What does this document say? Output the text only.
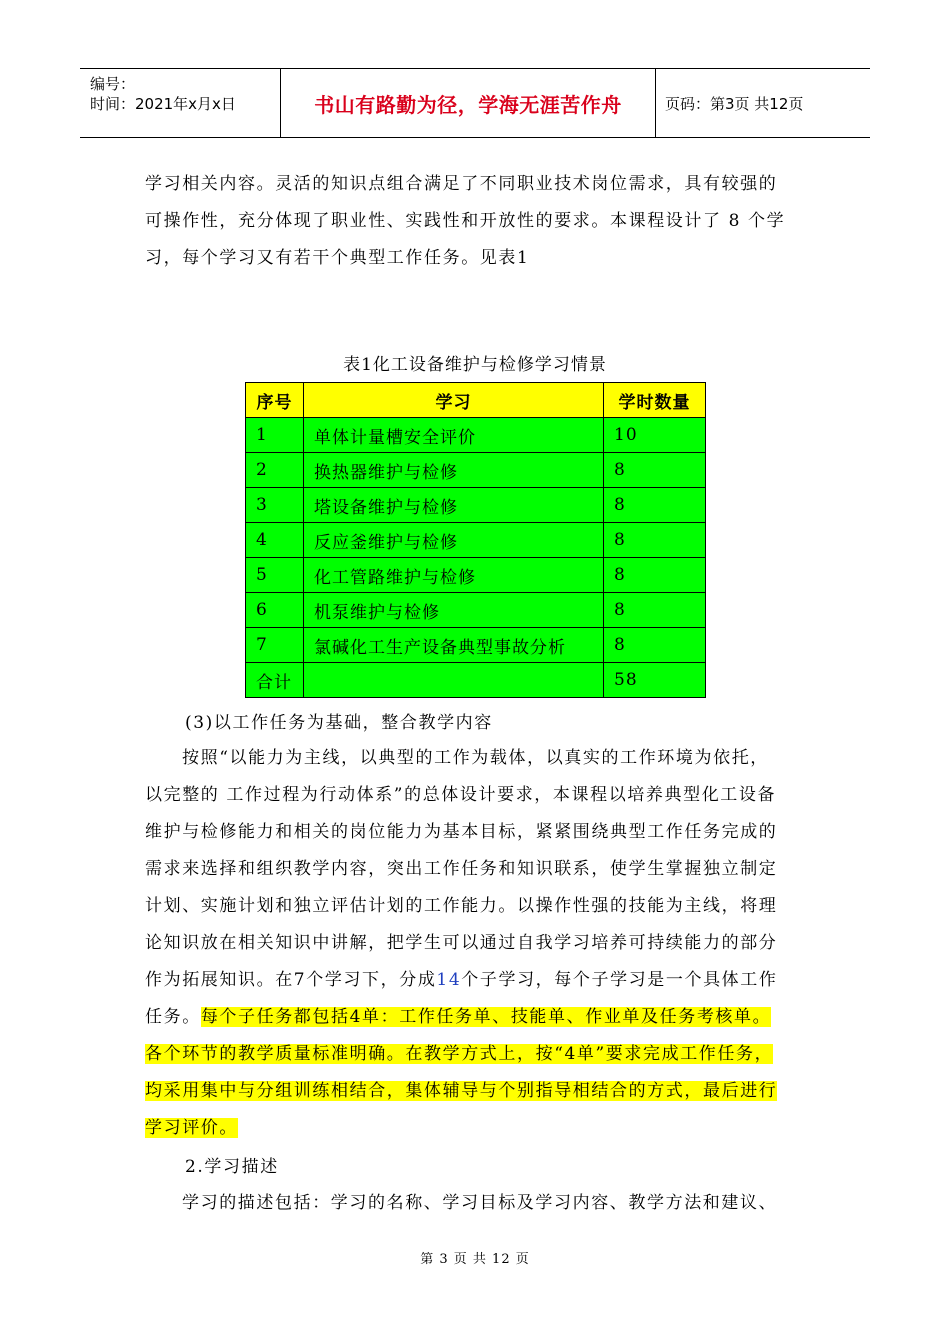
编号：
时间：2021年x月x日	书山有路勤为径，学海无涯苦作舟	页码：第3页 共12页
学习相关内容。灵活的知识点组合满足了不同职业技术岗位需求，具有较强的
可操作性，充分体现了职业性、实践性和开放性的要求。本课程设计了 8 个学
习，每个学习又有若干个典型工作任务。见表1
表1化工设备维护与检修学习情景
序号	学习	学时数量
1	单体计量槽安全评价	10
2	换热器维护与检修	8
3	塔设备维护与检修	8
4	反应釜维护与检修	8
5	化工管路维护与检修	8
6	机泵维护与检修	8
7	氯碱化工生产设备典型事故分析	8
合计		58
(3)以工作任务为基础，整合教学内容
按照“以能力为主线，以典型的工作为载体，以真实的工作环境为依托，
以完整的 工作过程为行动体系”的总体设计要求，本课程以培养典型化工设备
维护与检修能力和相关的岗位能力为基本目标，紧紧围绕典型工作任务完成的
需求来选择和组织教学内容，突出工作任务和知识联系，使学生掌握独立制定
计划、实施计划和独立评估计划的工作能力。以操作性强的技能为主线，将理
论知识放在相关知识中讲解，把学生可以通过自我学习培养可持续能力的部分
作为拓展知识。在7个学习下，分成14个子学习，每个子学习是一个具体工作
任务。每个子任务都包括4单：工作任务单、技能单、作业单及任务考核单。
各个环节的教学质量标准明确。在教学方式上，按“4单”要求完成工作任务，
均采用集中与分组训练相结合，集体辅导与个别指导相结合的方式，最后进行
学习评价。
2.学习描述
学习的描述包括：学习的名称、学习目标及学习内容、教学方法和建议、
第 3 页 共 12 页
